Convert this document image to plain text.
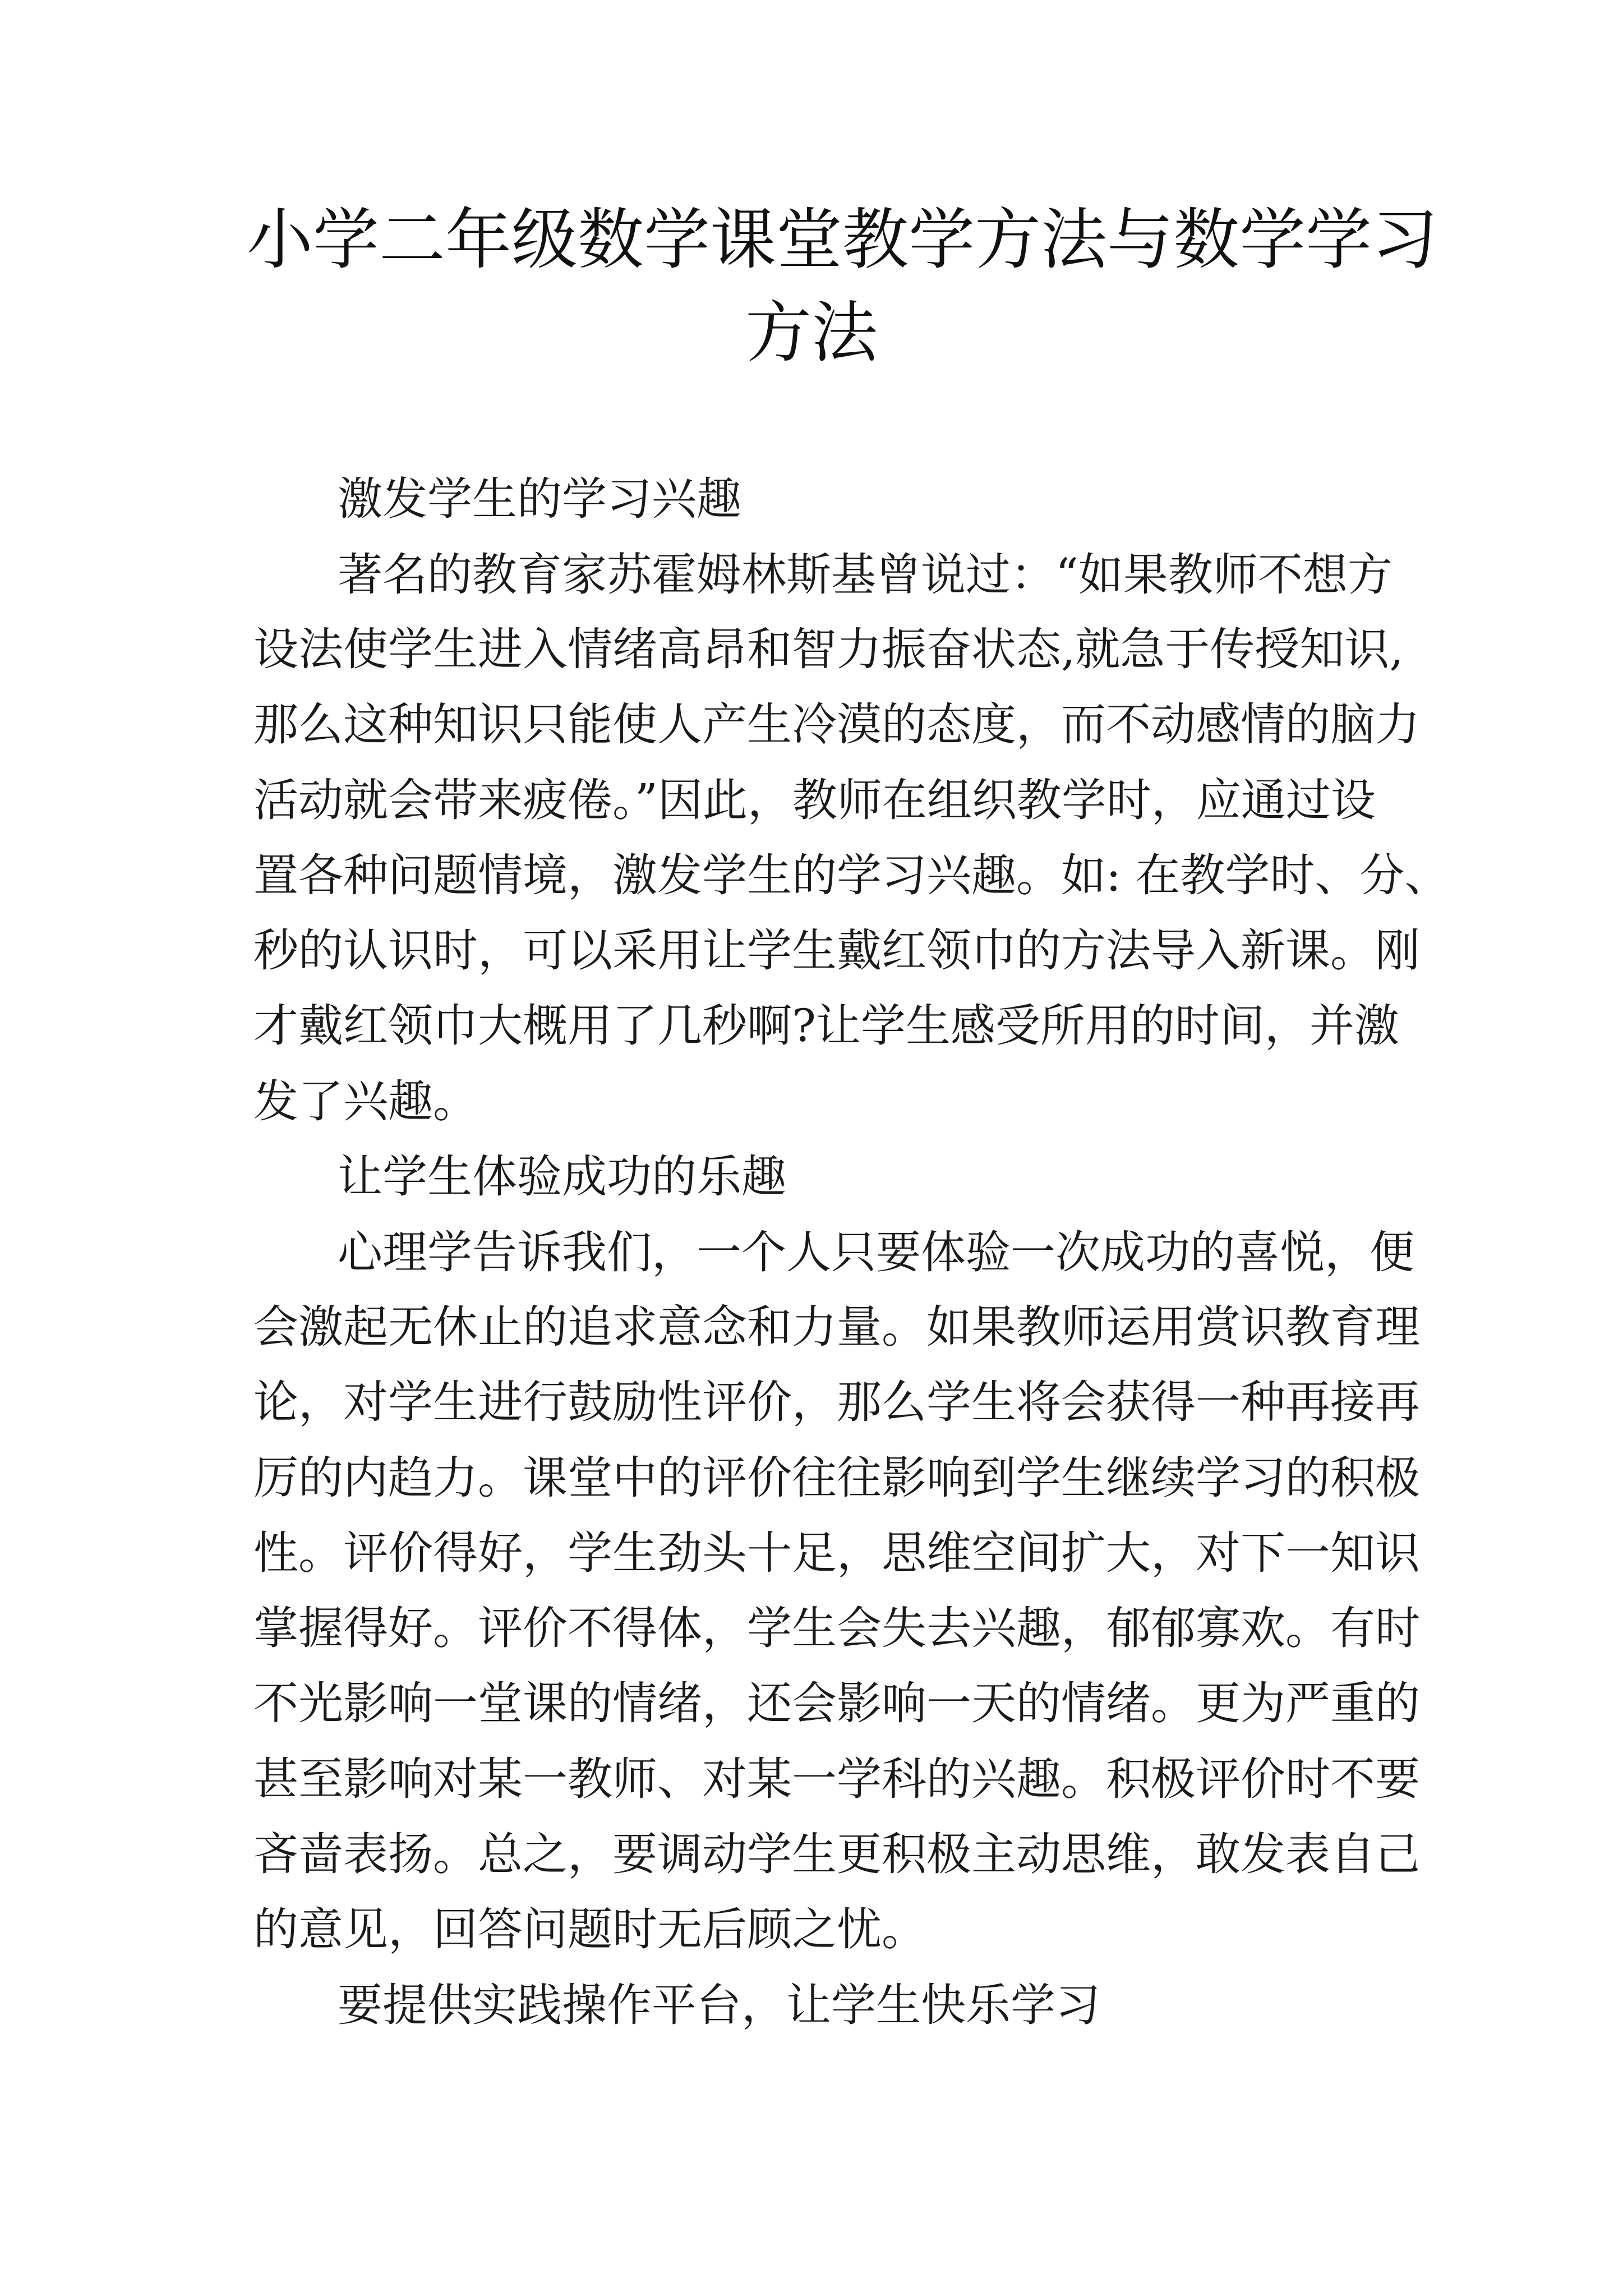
小学二年级数学课堂教学方法与数学学习
方法
激发学生的学习兴趣
著名的教育家苏霍姆林斯基曾说过：“如果教师不想方
设法使学生进入情绪高昂和智力振奋状态,就急于传授知识,
那么这种知识只能使人产生冷漠的态度，而不动感情的脑力
活动就会带来疲倦。”因此，教师在组织教学时，应通过设
置各种问题情境，激发学生的学习兴趣。如: 在教学时、分、
秒的认识时，可以采用让学生戴红领巾的方法导入新课。刚
才戴红领巾大概用了几秒啊?让学生感受所用的时间，并激
发了兴趣。
让学生体验成功的乐趣
心理学告诉我们，一个人只要体验一次成功的喜悦，便
会激起无休止的追求意念和力量。如果教师运用赏识教育理
论，对学生进行鼓励性评价，那么学生将会获得一种再接再
厉的内趋力。课堂中的评价往往影响到学生继续学习的积极
性。评价得好，学生劲头十足，思维空间扩大，对下一知识
掌握得好。评价不得体，学生会失去兴趣，郁郁寡欢。有时
不光影响一堂课的情绪，还会影响一天的情绪。更为严重的
甚至影响对某一教师、对某一学科的兴趣。积极评价时不要
吝啬表扬。总之，要调动学生更积极主动思维，敢发表自己
的意见，回答问题时无后顾之忧。
要提供实践操作平台，让学生快乐学习
